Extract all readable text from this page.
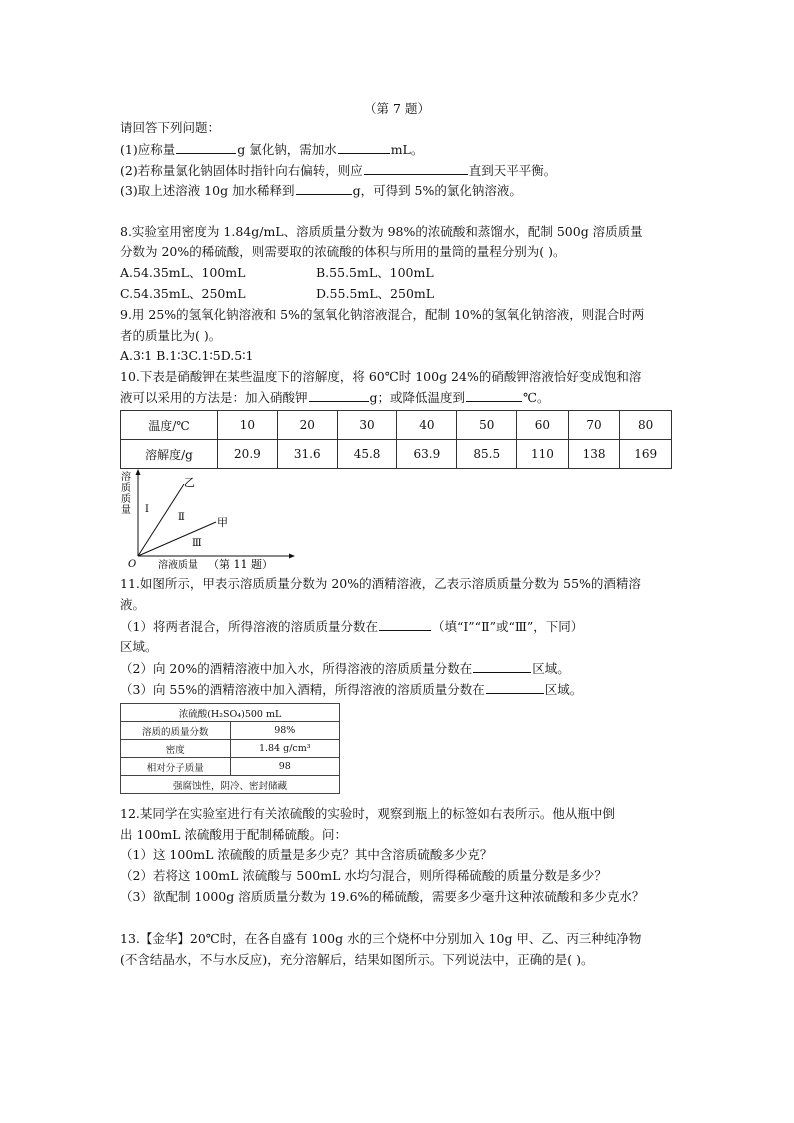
（第 7 题）
请回答下列问题：
(1)应称量	g 氯化钠，需加水	mL。
(2)若称量氯化钠固体时指针向右偏转，则应	直到天平平衡。
(3)取上述溶液 10g 加水稀释到	g，可得到 5%的氯化钠溶液。
8.实验室用密度为 1.84g/mL、溶质质量分数为 98%的浓硫酸和蒸馏水，配制 500g 溶质质量
分数为 20%的稀硫酸，则需要取的浓硫酸的体积与所用的量筒的量程分别为( )。
A.54.35mL、100mL	B.55.5mL、100mL
C.54.35mL、250mL	D.55.5mL、250mL
9.用 25%的氢氧化钠溶液和 5%的氢氧化钠溶液混合，配制 10%的氢氧化钠溶液，则混合时两
者的质量比为( )。
A.3∶1 B.1∶3C.1∶5D.5∶1
10.下表是硝酸钾在某些温度下的溶解度，将 60℃时 100g 24%的硝酸钾溶液恰好变成饱和溶
液可以采用的方法是：加入硝酸钾	g；或降低温度到	℃。
温度/℃	10	20	30	40	50	60	70	80
溶解度/g	20.9	31.6	45.8	63.9	85.5	110	138	169
溶
质
质
量
O
乙
甲
Ⅰ
Ⅱ
Ⅲ
溶液质量 （第 11 题）
11.如图所示，甲表示溶质质量分数为 20%的酒精溶液，乙表示溶质质量分数为 55%的酒精溶
液。
（1）将两者混合，所得溶液的溶质质量分数在	（填“Ⅰ”“Ⅱ”或“Ⅲ”，下同）
区域。
（2）向 20%的酒精溶液中加入水，所得溶液的溶质质量分数在	区域。
（3）向 55%的酒精溶液中加入酒精，所得溶液的溶质质量分数在	区域。
浓硫酸(H₂SO₄)500 mL	
溶质的质量分数	98%
密度	1.84 g/cm³
相对分子质量	98
强腐蚀性，阴冷、密封储藏	
12.某同学在实验室进行有关浓硫酸的实验时，观察到瓶上的标签如右表所示。他从瓶中倒
出 100mL 浓硫酸用于配制稀硫酸。问：
（1）这 100mL 浓硫酸的质量是多少克？其中含溶质硫酸多少克？
（2）若将这 100mL 浓硫酸与 500mL 水均匀混合，则所得稀硫酸的质量分数是多少？
（3）欲配制 1000g 溶质质量分数为 19.6%的稀硫酸，需要多少毫升这种浓硫酸和多少克水？
13.【金华】20℃时，在各自盛有 100g 水的三个烧杯中分别加入 10g 甲、乙、丙三种纯净物
(不含结晶水，不与水反应)，充分溶解后，结果如图所示。下列说法中，正确的是( )。
